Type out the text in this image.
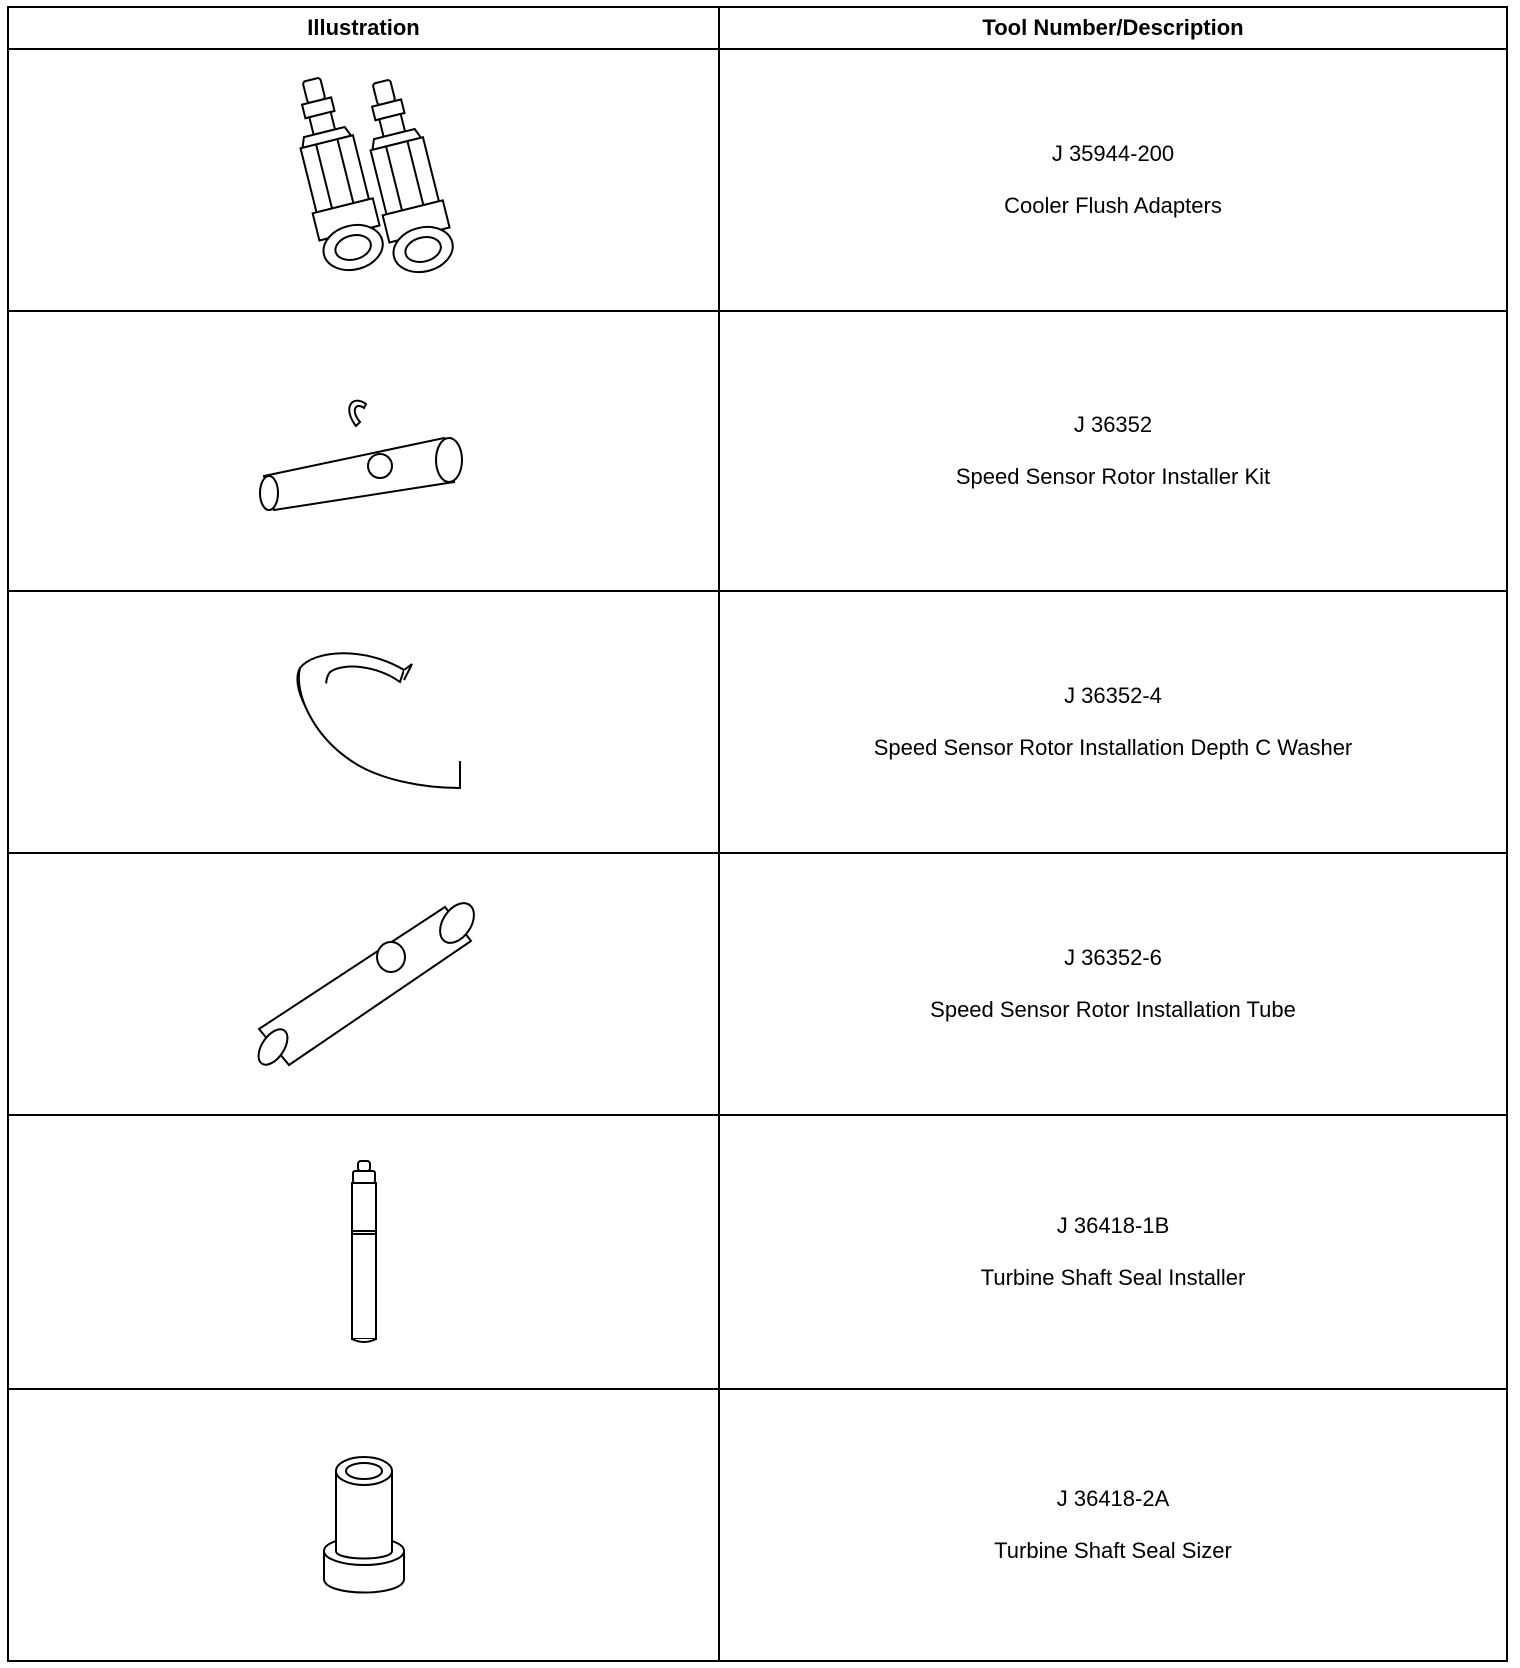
Illustration	Tool Number/Description

J 35944-200
Cooler Flush Adapters

J 36352
Speed Sensor Rotor Installer Kit

J 36352-4
Speed Sensor Rotor Installation Depth C Washer

J 36352-6
Speed Sensor Rotor Installation Tube

J 36418-1B
Turbine Shaft Seal Installer

J 36418-2A
Turbine Shaft Seal Sizer
